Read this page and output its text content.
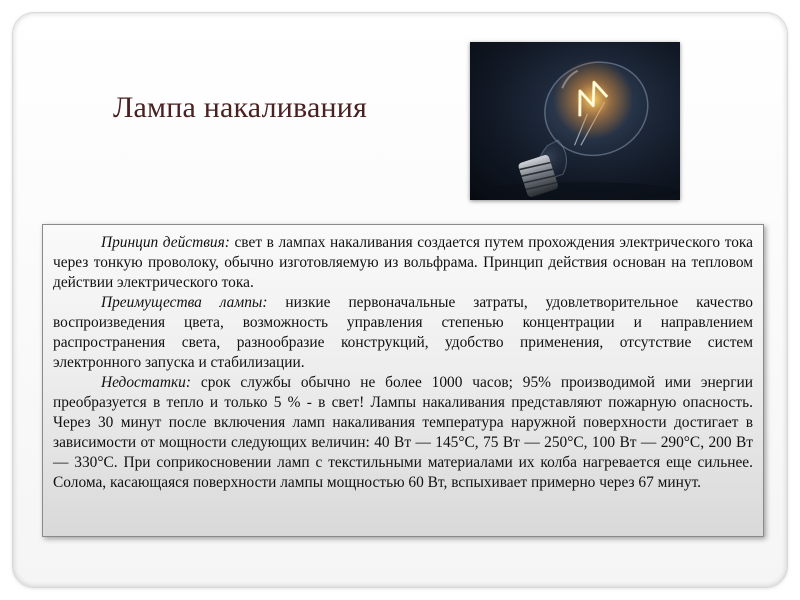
Лампа накаливания

Принцип действия: свет в лампах накаливания создается путем прохождения электрического тока через тонкую проволоку, обычно изготовляемую из вольфрама. Принцип действия основан на тепловом действии электрического тока.

Преимущества лампы: низкие первоначальные затраты, удовлетворительное качество воспроизведения цвета, возможность управления степенью концентрации и направлением распространения света, разнообразие конструкций, удобство применения, отсутствие систем электронного запуска и стабилизации.

Недостатки: срок службы обычно не более 1000 часов; 95% производимой ими энергии преобразуется в тепло и только 5 % - в свет! Лампы накаливания представляют пожарную опасность. Через 30 минут после включения ламп накаливания температура наружной поверхности достигает в зависимости от мощности следующих величин: 40 Вт — 145°С, 75 Вт — 250°С, 100 Вт — 290°С, 200 Вт — 330°С. При соприкосновении ламп с текстильными материалами их колба нагревается еще сильнее. Солома, касающаяся поверхности лампы мощностью 60 Вт, вспыхивает примерно через 67 минут.
